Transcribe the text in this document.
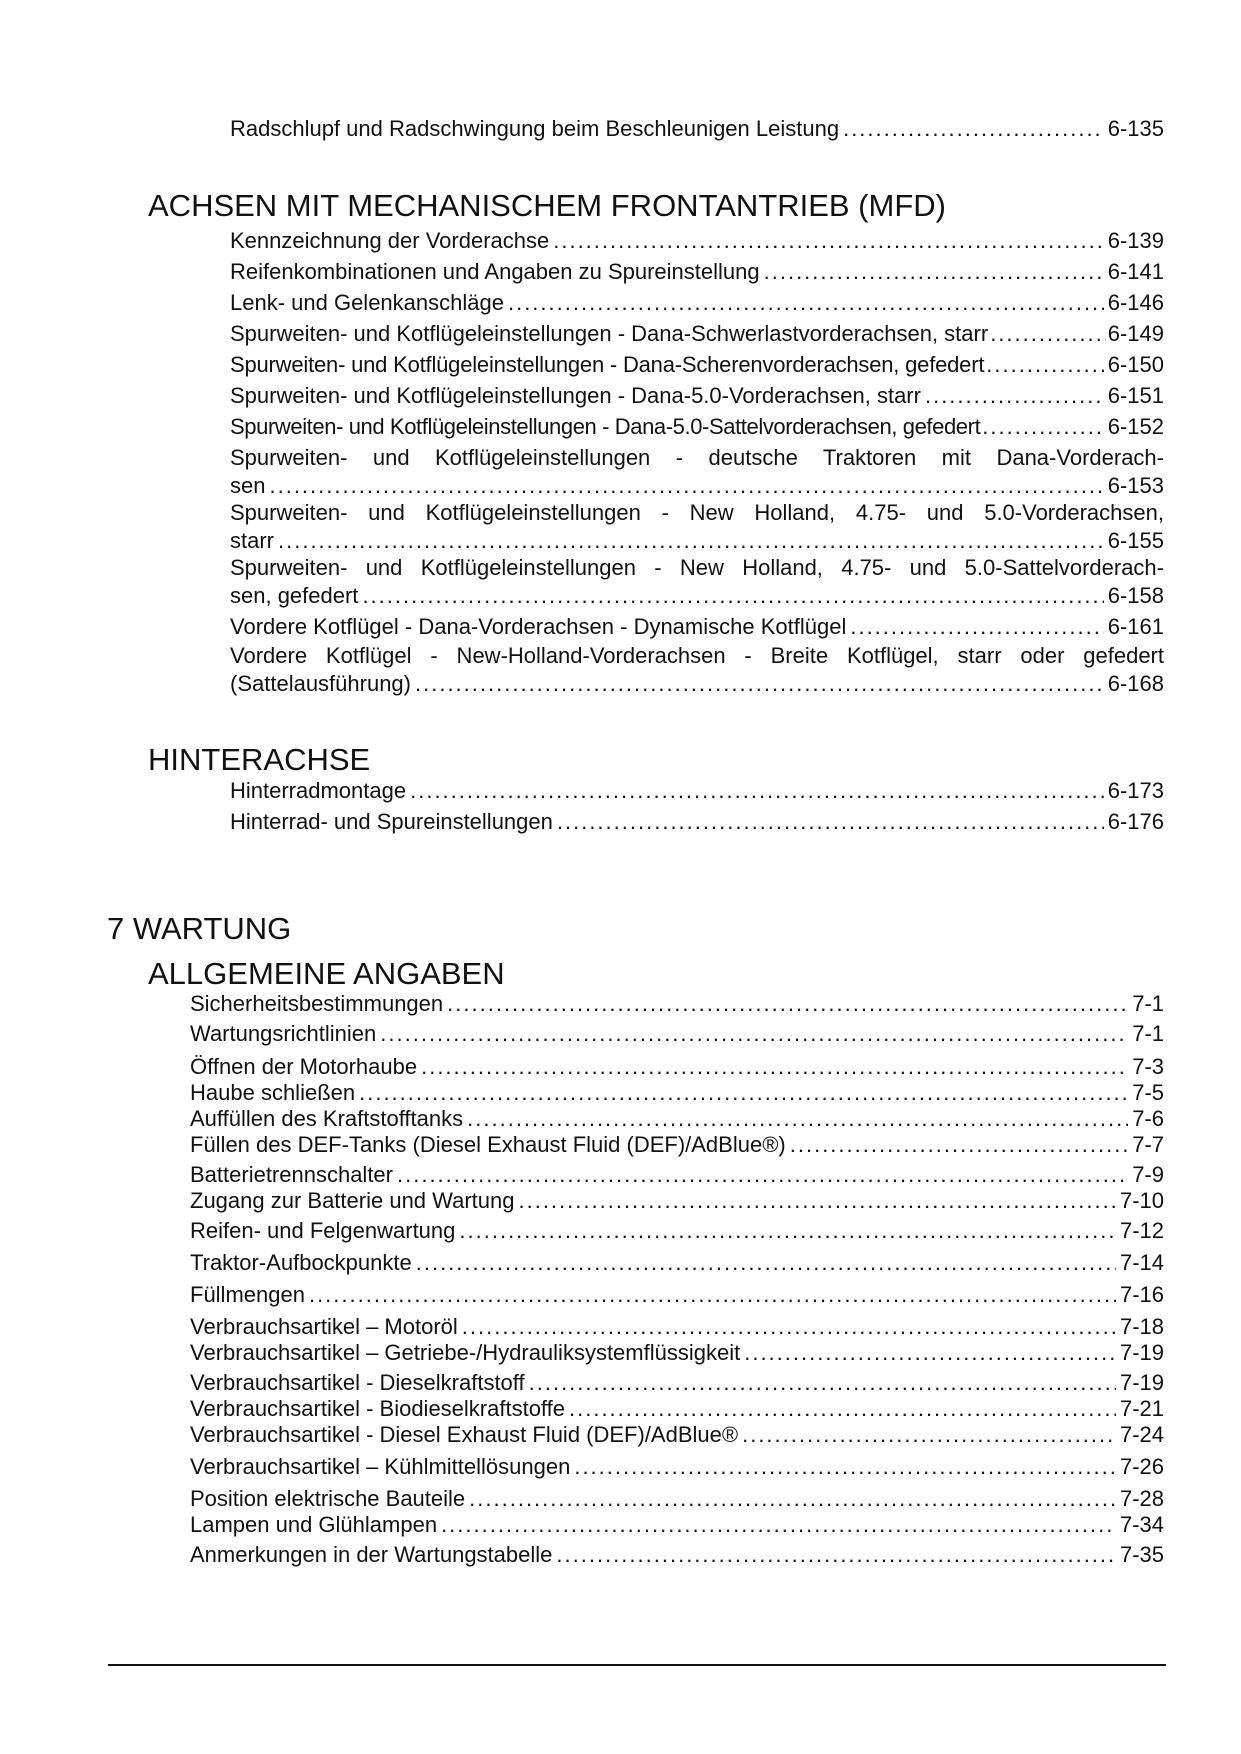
Radschlupf und Radschwingung beim Beschleunigen Leistung .....	6-135
ACHSEN MIT MECHANISCHEM FRONTANTRIEB (MFD)
Kennzeichnung der Vorderachse .....	6-139
Reifenkombinationen und Angaben zu Spureinstellung .....	6-141
Lenk- und Gelenkanschläge .....	6-146
Spurweiten- und Kotflügeleinstellungen - Dana-Schwerlastvorderachsen, starr .....	6-149
Spurweiten- und Kotflügeleinstellungen - Dana-Scherenvorderachsen, gefedert .....	6-150
Spurweiten- und Kotflügeleinstellungen - Dana-5.0-Vorderachsen, starr .....	6-151
Spurweiten- und Kotflügeleinstellungen - Dana-5.0-Sattelvorderachsen, gefedert .....	6-152
Spurweiten- und Kotflügeleinstellungen - deutsche Traktoren mit Dana-Vorderach-
sen .....	6-153
Spurweiten- und Kotflügeleinstellungen - New Holland, 4.75- und 5.0-Vorderachsen,
starr .....	6-155
Spurweiten- und Kotflügeleinstellungen - New Holland, 4.75- und 5.0-Sattelvorderach-
sen, gefedert .....	6-158
Vordere Kotflügel - Dana-Vorderachsen - Dynamische Kotflügel .....	6-161
Vordere Kotflügel - New-Holland-Vorderachsen - Breite Kotflügel, starr oder gefedert
(Sattelausführung) .....	6-168
HINTERACHSE
Hinterradmontage .....	6-173
Hinterrad- und Spureinstellungen .....	6-176
7 WARTUNG
ALLGEMEINE ANGABEN
Sicherheitsbestimmungen .....	7-1
Wartungsrichtlinien .....	7-1
Öffnen der Motorhaube .....	7-3
Haube schließen .....	7-5
Auffüllen des Kraftstofftanks .....	7-6
Füllen des DEF-Tanks (Diesel Exhaust Fluid (DEF)/AdBlue®) .....	7-7
Batterietrennschalter .....	7-9
Zugang zur Batterie und Wartung .....	7-10
Reifen- und Felgenwartung .....	7-12
Traktor-Aufbockpunkte .....	7-14
Füllmengen .....	7-16
Verbrauchsartikel – Motoröl .....	7-18
Verbrauchsartikel – Getriebe-/Hydrauliksystemflüssigkeit .....	7-19
Verbrauchsartikel - Dieselkraftstoff .....	7-19
Verbrauchsartikel - Biodieselkraftstoffe .....	7-21
Verbrauchsartikel - Diesel Exhaust Fluid (DEF)/AdBlue® .....	7-24
Verbrauchsartikel – Kühlmittellösungen .....	7-26
Position elektrische Bauteile .....	7-28
Lampen und Glühlampen .....	7-34
Anmerkungen in der Wartungstabelle .....	7-35
